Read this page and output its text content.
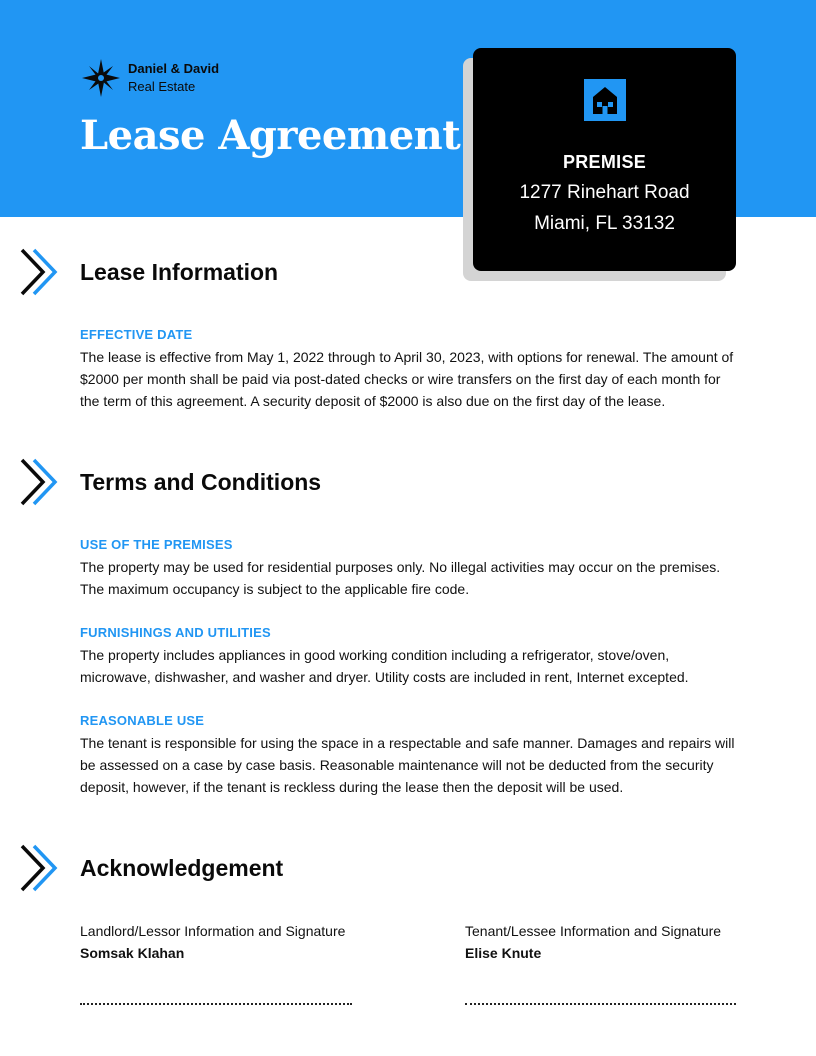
Daniel & David
Real Estate
Lease Agreement
PREMISE
1277 Rinehart Road
Miami, FL 33132
Lease Information
EFFECTIVE DATE
The lease is effective from May 1, 2022 through to April 30, 2023, with options for renewal. The amount of $2000 per month shall be paid via post-dated checks or wire transfers on the first day of each month for the term of this agreement. A security deposit of $2000 is also due on the first day of the lease.
Terms and Conditions
USE OF THE PREMISES
The property may be used for residential purposes only. No illegal activities may occur on the premises. The maximum occupancy is subject to the applicable fire code.
FURNISHINGS AND UTILITIES
The property includes appliances in good working condition including a refrigerator, stove/oven, microwave, dishwasher, and washer and dryer. Utility costs are included in rent, Internet excepted.
REASONABLE USE
The tenant is responsible for using the space in a respectable and safe manner. Damages and repairs will be assessed on a case by case basis. Reasonable maintenance will not be deducted from the security deposit, however, if the tenant is reckless during the lease then the deposit will be used.
Acknowledgement
Landlord/Lessor Information and Signature
Somsak Klahan
Tenant/Lessee Information and Signature
Elise Knute
